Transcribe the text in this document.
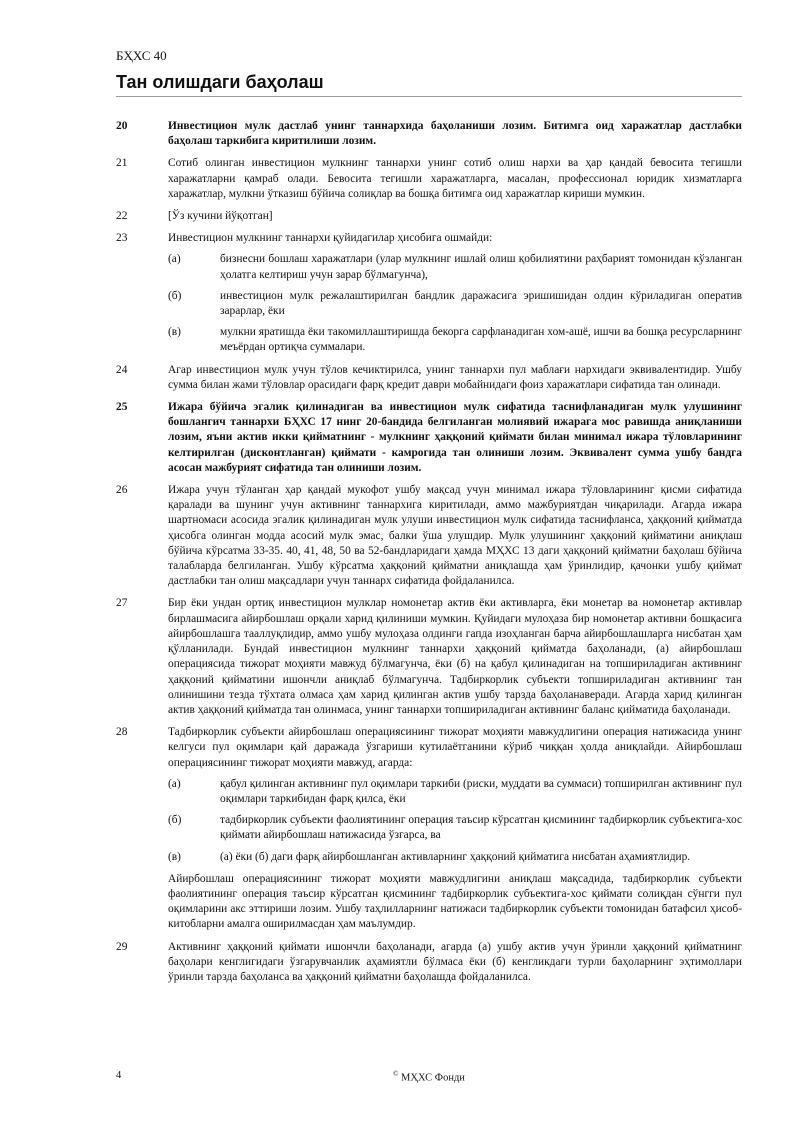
БҲХС 40
Тан олишдаги баҳолаш
20	Инвестицион мулк дастлаб унинг таннархида баҳоланиши лозим. Битимга оид харажатлар дастлабки баҳолаш таркибига киритилиши лозим.
21	Сотиб олинган инвестицион мулкнинг таннархи унинг сотиб олиш нархи ва ҳар қандай бевосита тегишли харажатларни қамраб олади. Бевосита тегишли харажатларга, масалан, профессионал юридик хизматларга харажатлар, мулкни ўтказиш бўйича солиқлар ва бошқа битимга оид харажатлар кириши мумкин.
22	[Ўз кучини йўқотган]
23	Инвестицион мулкнинг таннархи қуйидагилар ҳисобига ошмайди:
(а)	бизнесни бошлаш харажатлари (улар мулкнинг ишлай олиш қобилиятини раҳбарият томонидан кўзланган ҳолатга келтириш учун зарар бўлмагунча),
(б)	инвестицион мулк режалаштирилган бандлик даражасига эришишидан олдин кўриладиган оператив зарарлар, ёки
(в)	мулкни яратишда ёки такомиллаштиришда бекорга сарфланадиган хом-ашё, ишчи ва бошқа ресурсларнинг меъёрдан ортиқча суммалари.
24	Агар инвестицион мулк учун тўлов кечиктирилса, унинг таннархи пул маблағи нархидаги эквивалентидир. Ушбу сумма билан жами тўловлар орасидаги фарқ кредит даври мобайнидаги фоиз харажатлари сифатида тан олинади.
25	Ижара бўйича эгалик қилинадиган ва инвестицион мулк сифатида таснифланадиган мулк улушининг бошлангич таннархи БҲХС 17 нинг 20-бандида белгиланган молиявий ижарага мос равишда аниқланиши лозим, яъни актив икки қийматнинг - мулкнинг ҳаққоний қиймати билан минимал ижара тўловларининг келтирилган (дисконтланган) қиймати - камрогида тан олиниши лозим. Эквивалент сумма ушбу бандга асосан мажбурият сифатида тан олиниши лозим.
26	Ижара учун тўланган ҳар қандай мукофот ушбу мақсад учун минимал ижара тўловларининг қисми сифатида қаралади ва шунинг учун активнинг таннархига киритилади, аммо мажбуриятдан чиқарилади. Агарда ижара шартномаси асосида эгалик қилинадиган мулк улуши инвестицион мулк сифатида таснифланса, ҳаққоний қийматда ҳисобга олинган модда асосий мулк эмас, балки ўша улушдир. Мулк улушининг ҳаққоний қийматини аниқлаш бўйича кўрсатма 33-35. 40, 41, 48, 50 ва 52-бандларидаги ҳамда МҲХС 13 даги ҳаққоний қийматни баҳолаш бўйича талабларда белгиланган. Ушбу кўрсатма ҳаққоний қийматни аниқлашда ҳам ўринлидир, қачонки ушбу қиймат дастлабки тан олиш мақсадлари учун таннарх сифатида фойдаланилса.
27	Бир ёки ундан ортиқ инвестицион мулклар номонетар актив ёки активларга, ёки монетар ва номонетар активлар бирлашмасига айирбошлаш орқали харид қилиниши мумкин. Қуйидаги мулоҳаза бир номонетар активни бошқасига айирбошлашга тааллуқлидир, аммо ушбу мулоҳаза олдинги гапда изоҳланган барча айирбошлашларга нисбатан ҳам қўлланилади. Бундай инвестицион мулкнинг таннархи ҳаққоний қийматда баҳоланади, (а) айирбошлаш операциясида тижорат моҳияти мавжуд бўлмагунча, ёки (б) на қабул қилинадиган на топшириладиган активнинг ҳаққоний қийматини ишончли аниқлаб бўлмагунча. Тадбиркорлик субъекти топшириладиган активнинг тан олинишини тезда тўхтата олмаса ҳам харид қилинган актив ушбу тарзда баҳоланаверади. Агарда харид қилинган актив ҳаққоний қийматда тан олинмаса, унинг таннархи топшириладиган активнинг баланс қийматида баҳоланади.
28	Тадбиркорлик субъекти айирбошлаш операциясининг тижорат моҳияти мавжудлигини операция натижасида унинг келгуси пул оқимлари қай даражада ўзгариши кутилаётганини кўриб чиққан ҳолда аниқлайди. Айирбошлаш операциясининг тижорат моҳияти мавжуд, агарда:
(а)	қабул қилинган активнинг пул оқимлари таркиби (риски, муддати ва суммаси) топширилган активнинг пул оқимлари таркибидан фарқ қилса, ёки
(б)	тадбиркорлик субъекти фаолиятининг операция таъсир кўрсатган қисмининг тадбиркорлик субъектига-хос қиймати айирбошлаш натижасида ўзгарса, ва
(в)	(а) ёки (б) даги фарқ айирбошланган активларнинг ҳаққоний қийматига нисбатан аҳамиятлидир.
Айирбошлаш операциясининг тижорат моҳияти мавжудлигини аниқлаш мақсадида, тадбиркорлик субъекти фаолиятининг операция таъсир кўрсатган қисмининг тадбиркорлик субъектига-хос қиймати солиқдан сўнгги пул оқимларини акс эттириши лозим. Ушбу таҳлилларнинг натижаси тадбиркорлик субъекти томонидан батафсил ҳисоб-китобларни амалга оширилмасдан ҳам маълумдир.
29	Активнинг ҳаққоний қиймати ишончли баҳоланади, агарда (а) ушбу актив учун ўринли ҳаққоний қийматнинг баҳолари кенглигидаги ўзгарувчанлик аҳамиятли бўлмаса ёки (б) кенгликдаги турли баҳоларнинг эҳтимоллари ўринли тарзда баҳоланса ва ҳаққоний қийматни баҳолашда фойдаланилса.
4	© МҲХС Фонди
